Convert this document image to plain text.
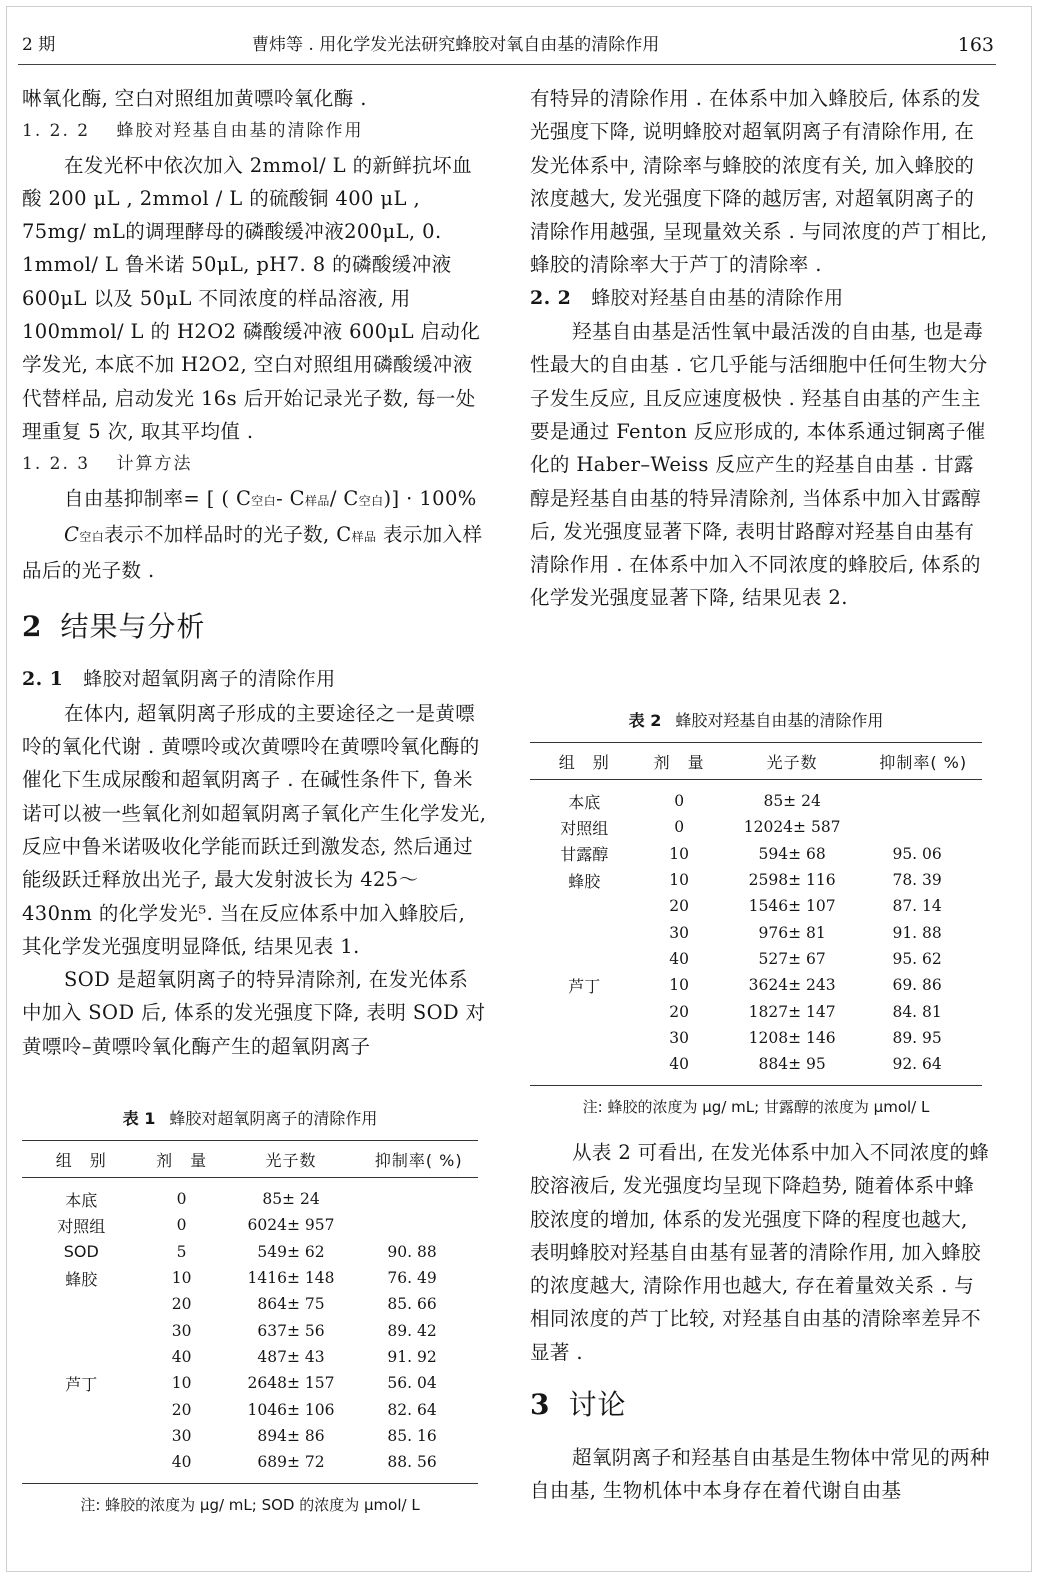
2 期	曹炜等 . 用化学发光法研究蜂胶对氧自由基的清除作用	163

啉氧化酶, 空白对照组加黄嘌呤氧化酶 .

1. 2. 2　 蜂胶对羟基自由基的清除作用

在发光杯中依次加入 2mmol/ L 的新鲜抗坏血酸 200 μL , 2mmol / L 的硫酸铜 400 μL , 75mg/ mL的调理酵母的磷酸缓冲液200μL, 0. 1mmol/ L 鲁米诺 50μL, pH7. 8 的磷酸缓冲液 600μL 以及 50μL 不同浓度的样品溶液, 用 100mmol/ L 的 H2O2 磷酸缓冲液 600μL 启动化学发光, 本底不加 H2O2, 空白对照组用磷酸缓冲液代替样品, 启动发光 16s 后开始记录光子数, 每一处理重复 5 次, 取其平均值 .

1. 2. 3　 计算方法

自由基抑制率= [ ( C空白- C样品/ C空白)] · 100%

C空白表示不加样品时的光子数, C样品 表示加入样品后的光子数 .

2 结果与分析

2. 1 蜂胶对超氧阴离子的清除作用

在体内, 超氧阴离子形成的主要途径之一是黄嘌呤的氧化代谢 . 黄嘌呤或次黄嘌呤在黄嘌呤氧化酶的催化下生成尿酸和超氧阴离子 . 在碱性条件下, 鲁米诺可以被一些氧化剂如超氧阴离子氧化产生化学发光, 反应中鲁米诺吸收化学能而跃迁到激发态, 然后通过能级跃迁释放出光子, 最大发射波长为 425～430nm 的化学发光⁵. 当在反应体系中加入蜂胶后, 其化学发光强度明显降低, 结果见表 1.

SOD 是超氧阴离子的特异清除剂, 在发光体系中加入 SOD 后, 体系的发光强度下降, 表明 SOD 对黄嘌呤–黄嘌呤氧化酶产生的超氧阴离子

表 1 蜂胶对超氧阴离子的清除作用
组　别	剂　量	光子数	抑制率( %)
本底	0	85± 24	
对照组	0	6024± 957	
SOD	5	549± 62	90. 88
蜂胶	10	1416± 148	76. 49
	20	864± 75	85. 66
	30	637± 56	89. 42
	40	487± 43	91. 92
芦丁	10	2648± 157	56. 04
	20	1046± 106	82. 64
	30	894± 86	85. 16
	40	689± 72	88. 56
注: 蜂胶的浓度为 μg/ mL; SOD 的浓度为 μmol/ L

有特异的清除作用 . 在体系中加入蜂胶后, 体系的发光强度下降, 说明蜂胶对超氧阴离子有清除作用, 在发光体系中, 清除率与蜂胶的浓度有关, 加入蜂胶的浓度越大, 发光强度下降的越厉害, 对超氧阴离子的清除作用越强, 呈现量效关系 . 与同浓度的芦丁相比, 蜂胶的清除率大于芦丁的清除率 .

2. 2 蜂胶对羟基自由基的清除作用

羟基自由基是活性氧中最活泼的自由基, 也是毒性最大的自由基 . 它几乎能与活细胞中任何生物大分子发生反应, 且反应速度极快 . 羟基自由基的产生主要是通过 Fenton 反应形成的, 本体系通过铜离子催化的 Haber–Weiss 反应产生的羟基自由基 . 甘露醇是羟基自由基的特异清除剂, 当体系中加入甘露醇后, 发光强度显著下降, 表明甘路醇对羟基自由基有清除作用 . 在体系中加入不同浓度的蜂胶后, 体系的化学发光强度显著下降, 结果见表 2.

表 2 蜂胶对羟基自由基的清除作用
组　别	剂　量	光子数	抑制率( %)
本底	0	85± 24	
对照组	0	12024± 587	
甘露醇	10	594± 68	95. 06
蜂胶	10	2598± 116	78. 39
	20	1546± 107	87. 14
	30	976± 81	91. 88
	40	527± 67	95. 62
芦丁	10	3624± 243	69. 86
	20	1827± 147	84. 81
	30	1208± 146	89. 95
	40	884± 95	92. 64
注: 蜂胶的浓度为 μg/ mL; 甘露醇的浓度为 μmol/ L

从表 2 可看出, 在发光体系中加入不同浓度的蜂胶溶液后, 发光强度均呈现下降趋势, 随着体系中蜂胶浓度的增加, 体系的发光强度下降的程度也越大, 表明蜂胶对羟基自由基有显著的清除作用, 加入蜂胶的浓度越大, 清除作用也越大, 存在着量效关系 . 与相同浓度的芦丁比较, 对羟基自由基的清除率差异不显著 .

3 讨论

超氧阴离子和羟基自由基是生物体中常见的两种自由基, 生物机体中本身存在着代谢自由基
